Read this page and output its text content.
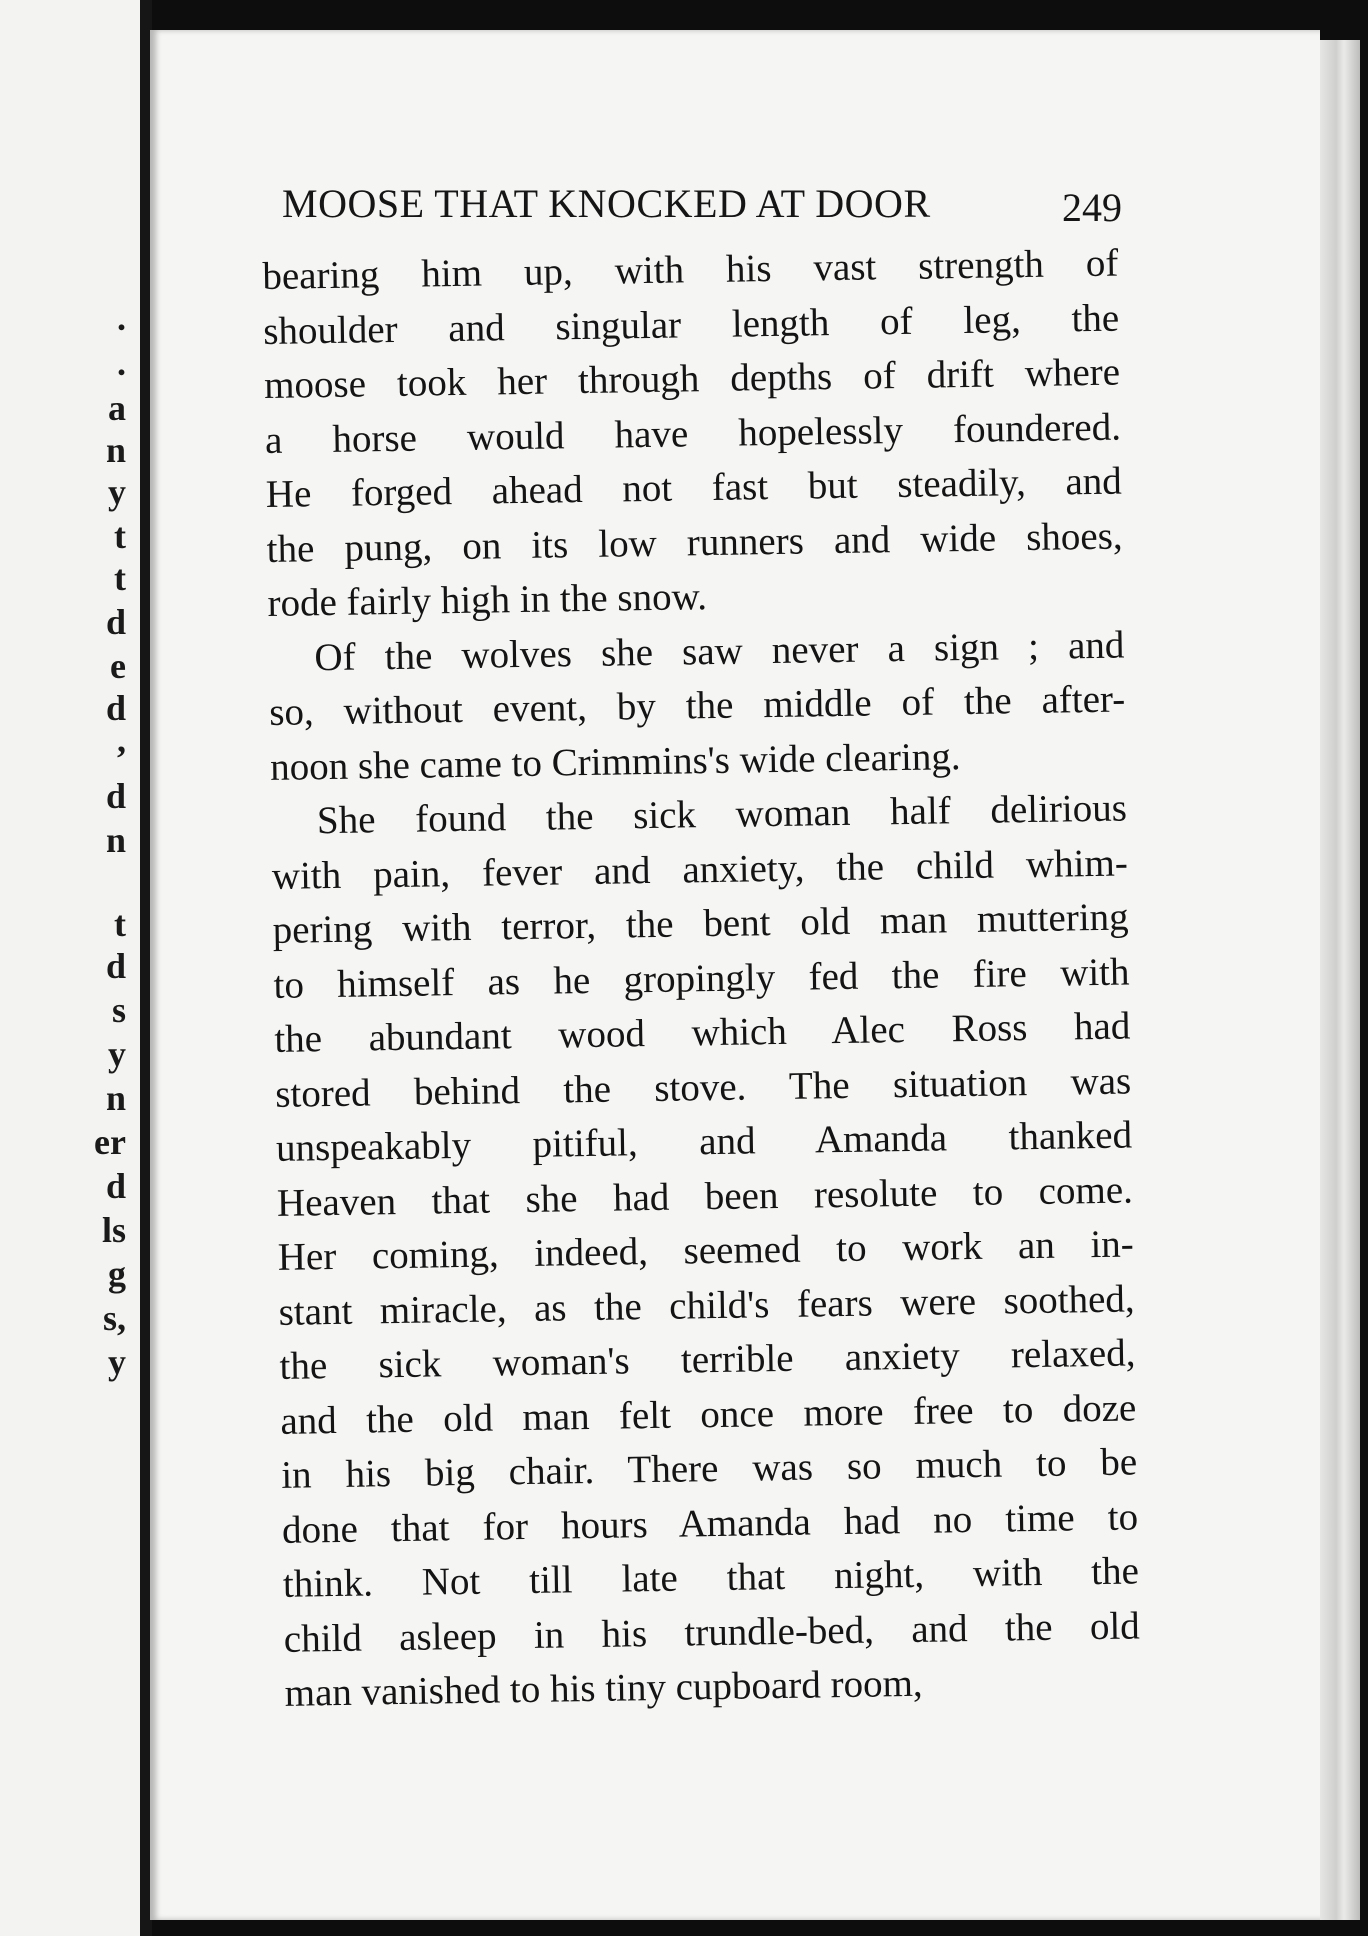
.
.
a
n
y
t
t
d
e
d
,
d
n
t
d
s
y
n
er
d
ls
g
s,
y
MOOSE THAT KNOCKED AT DOOR	249
bearing him up, with his vast strength of
shoulder and singular length of leg, the
moose took her through depths of drift where
a horse would have hopelessly foundered.
He forged ahead not fast but steadily, and
the pung, on its low runners and wide shoes,
rode fairly high in the snow.
Of the wolves she saw never a sign ; and
so, without event, by the middle of the after-
noon she came to Crimmins's wide clearing.
She found the sick woman half delirious
with pain, fever and anxiety, the child whim-
pering with terror, the bent old man muttering
to himself as he gropingly fed the fire with
the abundant wood which Alec Ross had
stored behind the stove. The situation was
unspeakably pitiful, and Amanda thanked
Heaven that she had been resolute to come.
Her coming, indeed, seemed to work an in-
stant miracle, as the child's fears were soothed,
the sick woman's terrible anxiety relaxed,
and the old man felt once more free to doze
in his big chair. There was so much to be
done that for hours Amanda had no time to
think. Not till late that night, with the
child asleep in his trundle-bed, and the old
man vanished to his tiny cupboard room,
